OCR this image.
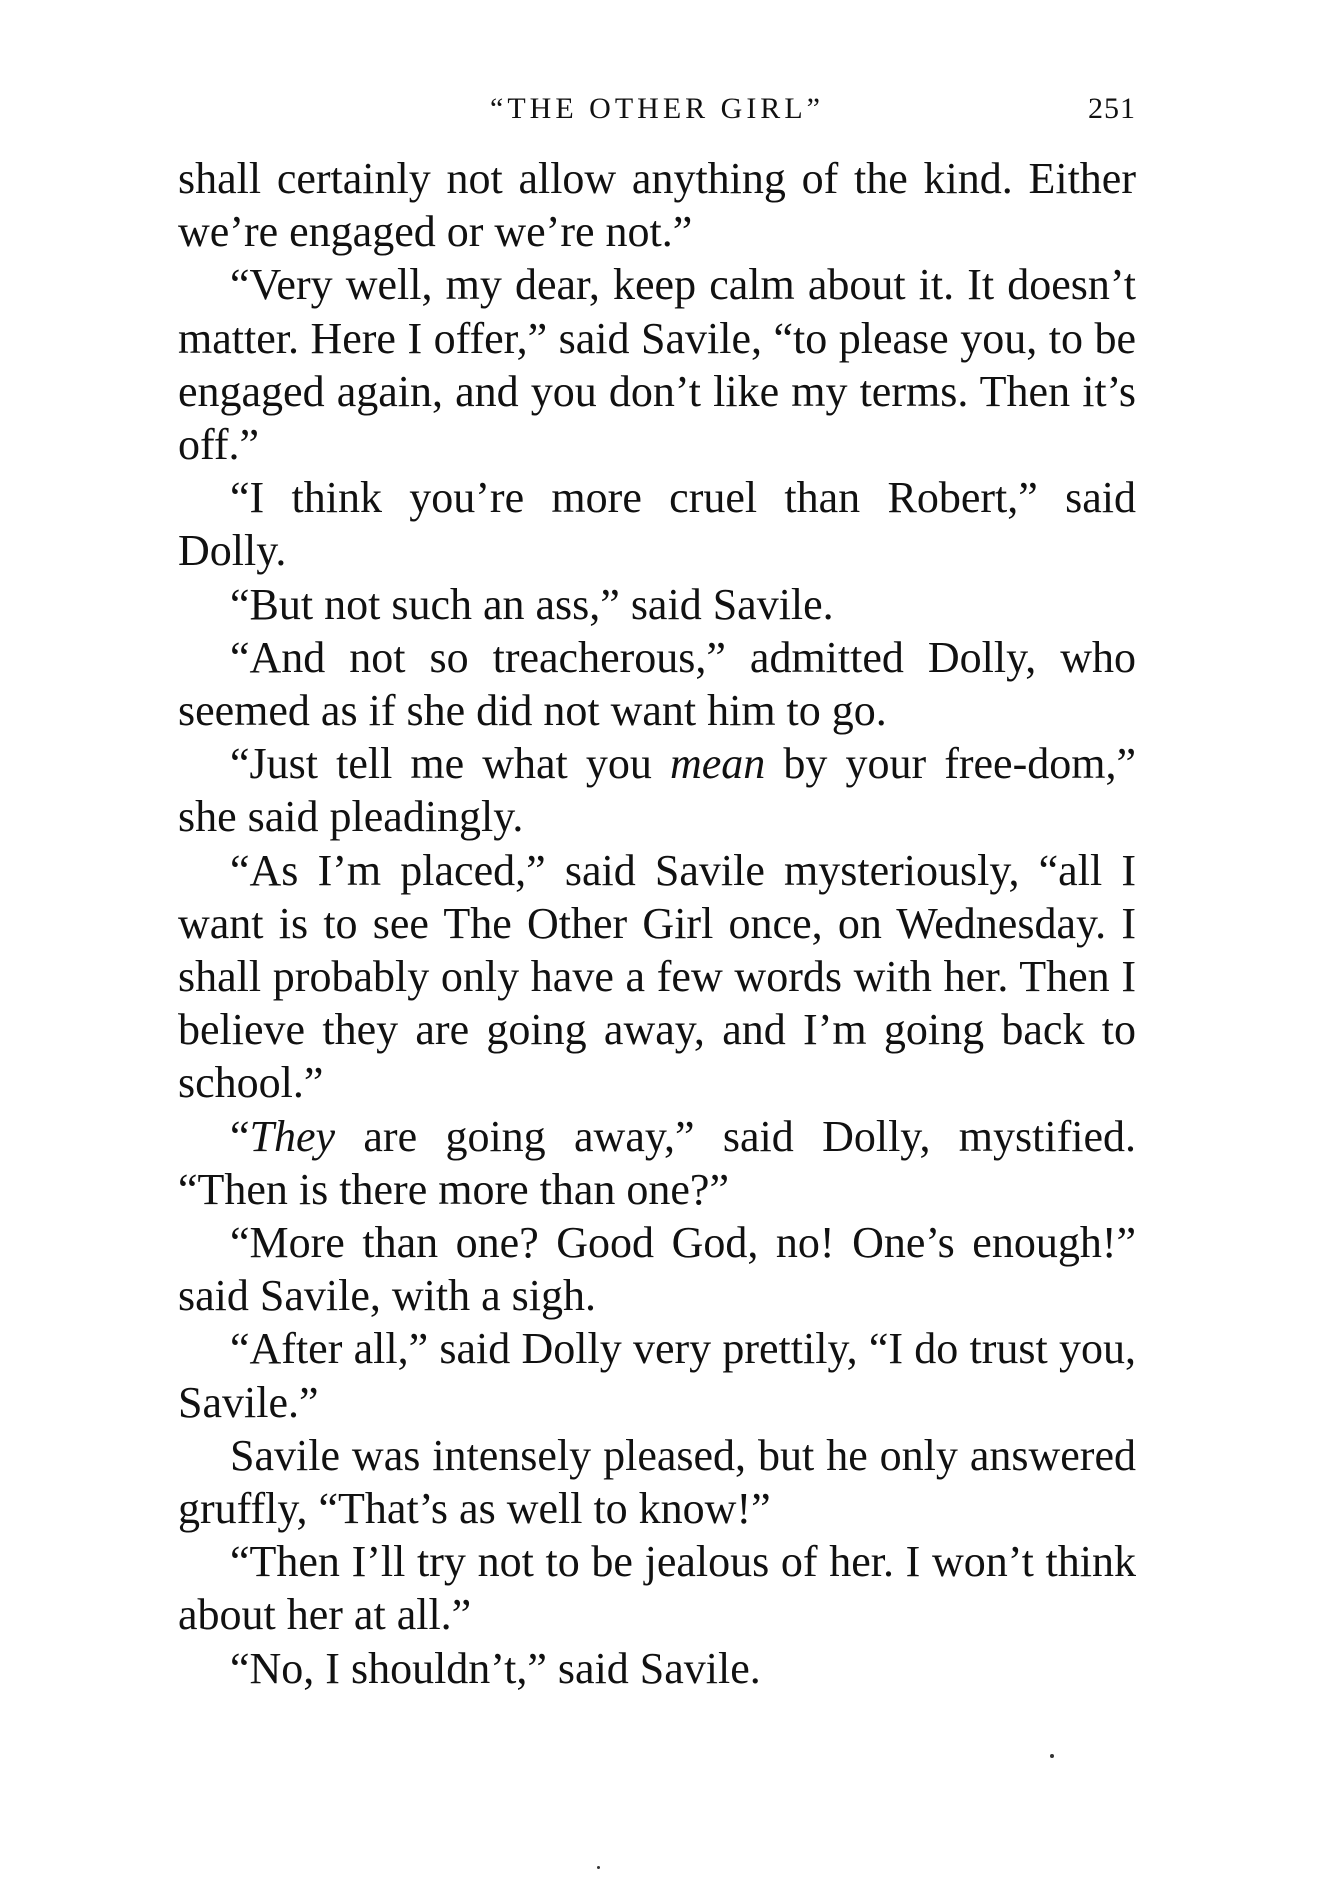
“THE OTHER GIRL”	251

shall certainly not allow anything of the kind. Either we’re engaged or we’re not.”

“Very well, my dear, keep calm about it. It doesn’t matter. Here I offer,” said Savile, “to please you, to be engaged again, and you don’t like my terms. Then it’s off.”

“I think you’re more cruel than Robert,” said Dolly.

“But not such an ass,” said Savile.

“And not so treacherous,” admitted Dolly, who seemed as if she did not want him to go.

“Just tell me what you mean by your free-dom,” she said pleadingly.

“As I’m placed,” said Savile mysteriously, “all I want is to see The Other Girl once, on Wednesday. I shall probably only have a few words with her. Then I believe they are going away, and I’m going back to school.”

“They are going away,” said Dolly, mystified. “Then is there more than one?”

“More than one? Good God, no! One’s enough!” said Savile, with a sigh.

“After all,” said Dolly very prettily, “I do trust you, Savile.”

Savile was intensely pleased, but he only answered gruffly, “That’s as well to know!”

“Then I’ll try not to be jealous of her. I won’t think about her at all.”

“No, I shouldn’t,” said Savile.
